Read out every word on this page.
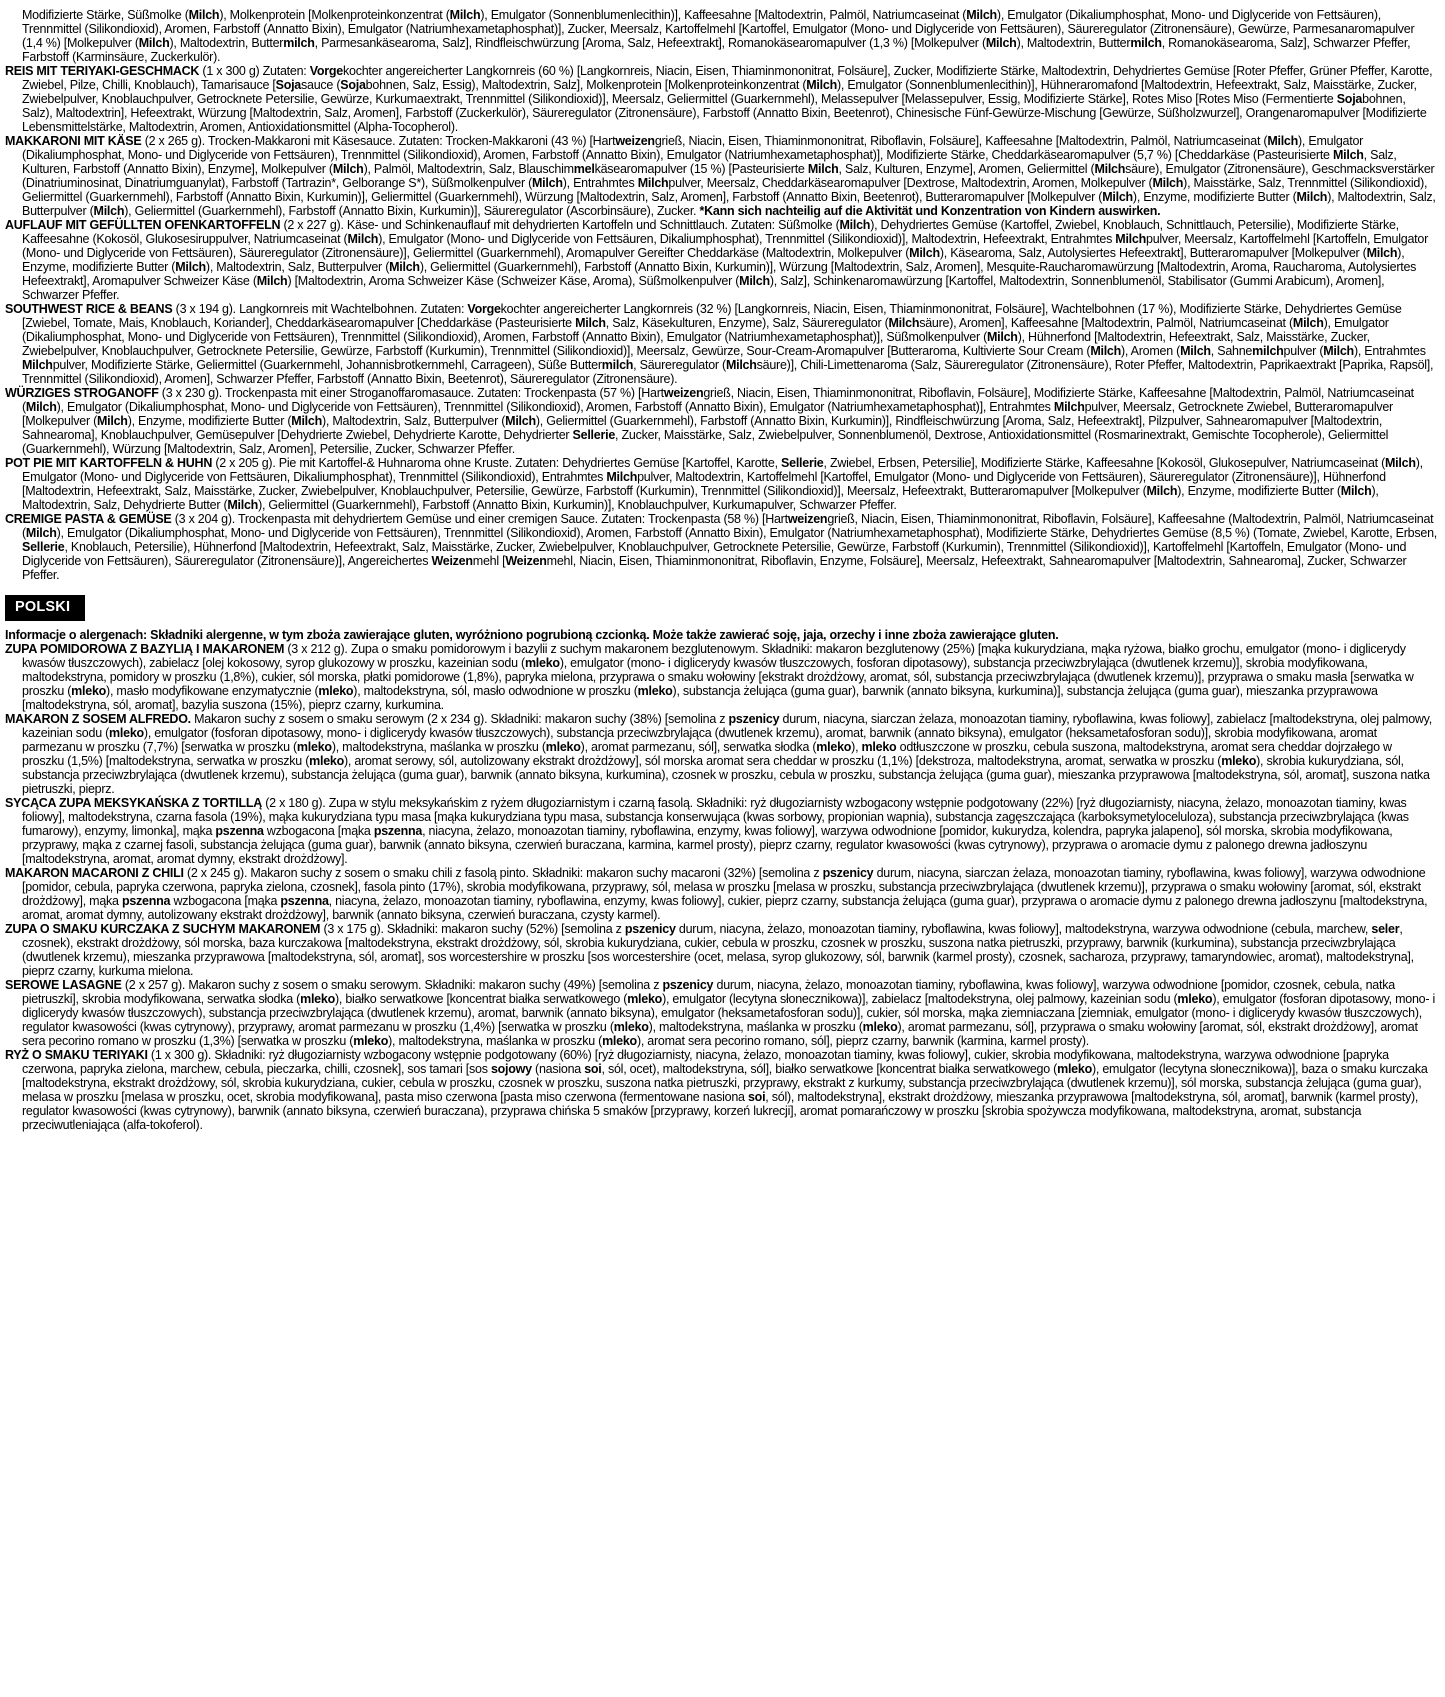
Modifizierte Stärke, Süßmolke (Milch), Molkenprotein [Molkenproteinkonzentrat (Milch), Emulgator (Sonnenblumenlecithin)], Kaffeesahne [Maltodextrin, Palmöl, Natriumcaseinat (Milch), Emulgator (Dikaliumphosphat, Mono- und Diglyceride von Fettsäuren), Trennmittel (Silikondioxid), Aromen, Farbstoff (Annatto Bixin), Emulgator (Natriumhexametaphosphat)], Zucker, Meersalz, Kartoffelmehl [Kartoffel, Emulgator (Mono- und Diglyceride von Fettsäuren), Säureregulator (Zitronensäure), Gewürze, Parmesanaromapulver (1,4 %) [Molkepulver (Milch), Maltodextrin, Buttermilch, Parmesankäsearoma, Salz], Rindfleischwürzung [Aroma, Salz, Hefeextrakt], Romanokäsearomapulver (1,3 %) [Molkepulver (Milch), Maltodextrin, Buttermilch, Romanokäsearoma, Salz], Schwarzer Pfeffer, Farbstoff (Karminsäure, Zuckerkulör).

REIS MIT TERIYAKI-GESCHMACK (1 x 300 g) Zutaten: Vorgekochter angereicherter Langkornreis (60 %) [Langkornreis, Niacin, Eisen, Thiaminmononitrat, Folsäure], Zucker, Modifizierte Stärke, Maltodextrin, Dehydriertes Gemüse [Roter Pfeffer, Grüner Pfeffer, Karotte, Zwiebel, Pilze, Chilli, Knoblauch), Tamarisauce [Sojasauce (Sojabohnen, Salz, Essig), Maltodextrin, Salz], Molkenprotein [Molkenproteinkonzentrat (Milch), Emulgator (Sonnenblumenlecithin)], Hühneraromafond [Maltodextrin, Hefeextrakt, Salz, Maisstärke, Zucker, Zwiebelpulver, Knoblauchpulver, Getrocknete Petersilie, Gewürze, Kurkumaextrakt, Trennmittel (Silikondioxid)], Meersalz, Geliermittel (Guarkernmehl), Melassepulver [Melassepulver, Essig, Modifizierte Stärke], Rotes Miso [Rotes Miso (Fermentierte Sojabohnen, Salz), Maltodextrin], Hefeextrakt, Würzung [Maltodextrin, Salz, Aromen], Farbstoff (Zuckerkulör), Säureregulator (Zitronensäure), Farbstoff (Annatto Bixin, Beetenrot), Chinesische Fünf-Gewürze-Mischung [Gewürze, Süßholzwurzel], Orangenaromapulver [Modifizierte Lebensmittelstärke, Maltodextrin, Aromen, Antioxidationsmittel (Alpha-Tocopherol).

MAKKARONI MIT KÄSE (2 x 265 g). Trocken-Makkaroni mit Käsesauce. Zutaten: Trocken-Makkaroni (43 %) [Hartweizengrieß, Niacin, Eisen, Thiaminmononitrat, Riboflavin, Folsäure], Kaffeesahne [Maltodextrin, Palmöl, Natriumcaseinat (Milch), Emulgator (Dikaliumphosphat, Mono- und Diglyceride von Fettsäuren), Trennmittel (Silikondioxid), Aromen, Farbstoff (Annatto Bixin), Emulgator (Natriumhexametaphosphat)], Modifizierte Stärke, Cheddarkäsearomapulver (5,7 %) [Cheddarkäse (Pasteurisierte Milch, Salz, Kulturen, Farbstoff (Annatto Bixin), Enzyme], Molkepulver (Milch), Palmöl, Maltodextrin, Salz, Blauschimmelkäsearomapulver (15 %) [Pasteurisierte Milch, Salz, Kulturen, Enzyme], Aromen, Geliermittel (Milchsäure), Emulgator (Zitronensäure), Geschmacksverstärker (Dinatriuminosinat, Dinatriumguanylat), Farbstoff (Tartrazin*, Gelborange S*), Süßmolkenpulver (Milch), Entrahmtes Milchpulver, Meersalz, Cheddarkäsearomapulver [Dextrose, Maltodextrin, Aromen, Molkepulver (Milch), Maisstärke, Salz, Trennmittel (Silikondioxid), Geliermittel (Guarkernmehl), Farbstoff (Annatto Bixin, Kurkumin)], Geliermittel (Guarkernmehl), Würzung [Maltodextrin, Salz, Aromen], Farbstoff (Annatto Bixin, Beetenrot), Butteraromapulver [Molkepulver (Milch), Enzyme, modifizierte Butter (Milch), Maltodextrin, Salz, Butterpulver (Milch), Geliermittel (Guarkernmehl), Farbstoff (Annatto Bixin, Kurkumin)], Säureregulator (Ascorbinsäure), Zucker. *Kann sich nachteilig auf die Aktivität und Konzentration von Kindern auswirken.

AUFLAUF MIT GEFÜLLTEN OFENKARTOFFELN (2 x 227 g). Käse- und Schinkenauflauf mit dehydrierten Kartoffeln und Schnittlauch. Zutaten: Süßmolke (Milch), Dehydriertes Gemüse (Kartoffel, Zwiebel, Knoblauch, Schnittlauch, Petersilie), Modifizierte Stärke, Kaffeesahne (Kokosöl, Glukosesiruppulver, Natriumcaseinat (Milch), Emulgator (Mono- und Diglyceride von Fettsäuren, Dikaliumphosphat), Trennmittel (Silikondioxid)], Maltodextrin, Hefeextrakt, Entrahmtes Milchpulver, Meersalz, Kartoffelmehl [Kartoffeln, Emulgator (Mono- und Diglyceride von Fettsäuren), Säureregulator (Zitronensäure)], Geliermittel (Guarkernmehl), Aromapulver Gereifter Cheddarkäse (Maltodextrin, Molkepulver (Milch), Käsearoma, Salz, Autolysiertes Hefeextrakt], Butteraromapulver [Molkepulver (Milch), Enzyme, modifizierte Butter (Milch), Maltodextrin, Salz, Butterpulver (Milch), Geliermittel (Guarkernmehl), Farbstoff (Annatto Bixin, Kurkumin)], Würzung [Maltodextrin, Salz, Aromen], Mesquite-Raucharomawürzung [Maltodextrin, Aroma, Raucharoma, Autolysiertes Hefeextrakt], Aromapulver Schweizer Käse (Milch) [Maltodextrin, Aroma Schweizer Käse (Schweizer Käse, Aroma), Süßmolkenpulver (Milch), Salz], Schinkenaromawürzung [Kartoffel, Maltodextrin, Sonnenblumenöl, Stabilisator (Gummi Arabicum), Aromen], Schwarzer Pfeffer.

SOUTHWEST RICE & BEANS (3 x 194 g). Langkornreis mit Wachtelbohnen. Zutaten: Vorgekochter angereicherter Langkornreis (32 %) [Langkornreis, Niacin, Eisen, Thiaminmononitrat, Folsäure], Wachtelbohnen (17 %), Modifizierte Stärke, Dehydriertes Gemüse [Zwiebel, Tomate, Mais, Knoblauch, Koriander], Cheddarkäsearomapulver [Cheddarkäse (Pasteurisierte Milch, Salz, Käsekulturen, Enzyme), Salz, Säureregulator (Milchsäure), Aromen], Kaffeesahne [Maltodextrin, Palmöl, Natriumcaseinat (Milch), Emulgator (Dikaliumphosphat, Mono- und Diglyceride von Fettsäuren), Trennmittel (Silikondioxid), Aromen, Farbstoff (Annatto Bixin), Emulgator (Natriumhexametaphosphat)], Süßmolkenpulver (Milch), Hühnerfond [Maltodextrin, Hefeextrakt, Salz, Maisstärke, Zucker, Zwiebelpulver, Knoblauchpulver, Getrocknete Petersilie, Gewürze, Farbstoff (Kurkumin), Trennmittel (Silikondioxid)], Meersalz, Gewürze, Sour-Cream-Aromapulver [Butteraroma, Kultivierte Sour Cream (Milch), Aromen (Milch, Sahnemilchpulver (Milch), Entrahmtes Milchpulver, Modifizierte Stärke, Geliermittel (Guarkernmehl, Johannisbrotkernmehl, Carrageen), Süße Buttermilch, Säureregulator (Milchsäure)], Chili-Limettenaroma (Salz, Säureregulator (Zitronensäure), Roter Pfeffer, Maltodextrin, Paprikaextrakt [Paprika, Rapsöl], Trennmittel (Silikondioxid), Aromen], Schwarzer Pfeffer, Farbstoff (Annatto Bixin, Beetenrot), Säureregulator (Zitronensäure).

WÜRZIGES STROGANOFF (3 x 230 g). Trockenpasta mit einer Stroganoffaromasauce. Zutaten: Trockenpasta (57 %) [Hartweizengrieß, Niacin, Eisen, Thiaminmononitrat, Riboflavin, Folsäure], Modifizierte Stärke, Kaffeesahne [Maltodextrin, Palmöl, Natriumcaseinat (Milch), Emulgator (Dikaliumphosphat, Mono- und Diglyceride von Fettsäuren), Trennmittel (Silikondioxid), Aromen, Farbstoff (Annatto Bixin), Emulgator (Natriumhexametaphosphat)], Entrahmtes Milchpulver, Meersalz, Getrocknete Zwiebel, Butteraromapulver [Molkepulver (Milch), Enzyme, modifizierte Butter (Milch), Maltodextrin, Salz, Butterpulver (Milch), Geliermittel (Guarkernmehl), Farbstoff (Annatto Bixin, Kurkumin)], Rindfleischwürzung [Aroma, Salz, Hefeextrakt], Pilzpulver, Sahnearomapulver [Maltodextrin, Sahnearoma], Knoblauchpulver, Gemüsepulver [Dehydrierte Zwiebel, Dehydrierte Karotte, Dehydrierter Sellerie, Zucker, Maisstärke, Salz, Zwiebelpulver, Sonnenblumenöl, Dextrose, Antioxidationsmittel (Rosmarinextrakt, Gemischte Tocopherole), Geliermittel (Guarkernmehl), Würzung [Maltodextrin, Salz, Aromen], Petersilie, Zucker, Schwarzer Pfeffer.

POT PIE MIT KARTOFFELN & HUHN (2 x 205 g). Pie mit Kartoffel-& Huhnaroma ohne Kruste. Zutaten: Dehydriertes Gemüse [Kartoffel, Karotte, Sellerie, Zwiebel, Erbsen, Petersilie], Modifizierte Stärke, Kaffeesahne [Kokosöl, Glukosepulver, Natriumcaseinat (Milch), Emulgator (Mono- und Diglyceride von Fettsäuren, Dikaliumphosphat), Trennmittel (Silikondioxid), Entrahmtes Milchpulver, Maltodextrin, Kartoffelmehl [Kartoffel, Emulgator (Mono- und Diglyceride von Fettsäuren), Säureregulator (Zitronensäure)], Hühnerfond [Maltodextrin, Hefeextrakt, Salz, Maisstärke, Zucker, Zwiebelpulver, Knoblauchpulver, Petersilie, Gewürze, Farbstoff (Kurkumin), Trennmittel (Silikondioxid)], Meersalz, Hefeextrakt, Butteraromapulver [Molkepulver (Milch), Enzyme, modifizierte Butter (Milch), Maltodextrin, Salz, Dehydrierte Butter (Milch), Geliermittel (Guarkernmehl), Farbstoff (Annatto Bixin, Kurkumin)], Knoblauchpulver, Kurkumapulver, Schwarzer Pfeffer.

CREMIGE PASTA & GEMÜSE (3 x 204 g). Trockenpasta mit dehydriertem Gemüse und einer cremigen Sauce. Zutaten: Trockenpasta (58 %) [Hartweizengrieß, Niacin, Eisen, Thiaminmononitrat, Riboflavin, Folsäure], Kaffeesahne (Maltodextrin, Palmöl, Natriumcaseinat (Milch), Emulgator (Dikaliumphosphat, Mono- und Diglyceride von Fettsäuren), Trennmittel (Silikondioxid), Aromen, Farbstoff (Annatto Bixin), Emulgator (Natriumhexametaphosphat), Modifizierte Stärke, Dehydriertes Gemüse (8,5 %) (Tomate, Zwiebel, Karotte, Erbsen, Sellerie, Knoblauch, Petersilie), Hühnerfond [Maltodextrin, Hefeextrakt, Salz, Maisstärke, Zucker, Zwiebelpulver, Knoblauchpulver, Getrocknete Petersilie, Gewürze, Farbstoff (Kurkumin), Trennmittel (Silikondioxid)], Kartoffelmehl [Kartoffeln, Emulgator (Mono- und Diglyceride von Fettsäuren), Säureregulator (Zitronensäure)], Angereichertes Weizenmehl [Weizenmehl, Niacin, Eisen, Thiaminmononitrat, Riboflavin, Enzyme, Folsäure], Meersalz, Hefeextrakt, Sahnearomapulver [Maltodextrin, Sahnearoma], Zucker, Schwarzer Pfeffer.

POLSKI

Informacje o alergenach: Składniki alergenne, w tym zboża zawierające gluten, wyróżniono pogrubioną czcionką. Może także zawierać soję, jaja, orzechy i inne zboża zawierające gluten.

ZUPA POMIDOROWA Z BAZYLIĄ I MAKARONEM (3 x 212 g). Zupa o smaku pomidorowym i bazylii z suchym makaronem bezglutenowym. Składniki: makaron bezglutenowy (25%) [mąka kukurydziana, mąka ryżowa, białko grochu, emulgator (mono- i diglicerydy kwasów tłuszczowych), zabielacz [olej kokosowy, syrop glukozowy w proszku, kazeinian sodu (mleko), emulgator (mono- i diglicerydy kwasów tłuszczowych, fosforan dipotasowy), substancja przeciwzbrylająca (dwutlenek krzemu)], skrobia modyfikowana, maltodekstryna, pomidory w proszku (1,8%), cukier, sól morska, płatki pomidorowe (1,8%), papryka mielona, przyprawa o smaku wołowiny [ekstrakt drożdżowy, aromat, sól, substancja przeciwzbrylająca (dwutlenek krzemu)], przyprawa o smaku masła [serwatka w proszku (mleko), masło modyfikowane enzymatycznie (mleko), maltodekstryna, sól, masło odwodnione w proszku (mleko), substancja żelująca (guma guar), barwnik (annato biksyna, kurkumina)], substancja żelująca (guma guar), mieszanka przyprawowa [maltodekstryna, sól, aromat], bazylia suszona (15%), pieprz czarny, kurkumina.

MAKARON Z SOSEM ALFREDO. Makaron suchy z sosem o smaku serowym (2 x 234 g). Składniki: makaron suchy (38%) [semolina z pszenicy durum, niacyna, siarczan żelaza, monoazotan tiaminy, ryboflawina, kwas foliowy], zabielacz [maltodekstryna, olej palmowy, kazeinian sodu (mleko), emulgator (fosforan dipotasowy, mono- i diglicerydy kwasów tłuszczowych), substancja przeciwzbrylająca (dwutlenek krzemu), aromat, barwnik (annato biksyna), emulgator (heksametafosforan sodu)], skrobia modyfikowana, aromat parmezanu w proszku (7,7%) [serwatka w proszku (mleko), maltodekstryna, maślanka w proszku (mleko), aromat parmezanu, sól], serwatka słodka (mleko), mleko odtłuszczone w proszku, cebula suszona, maltodekstryna, aromat sera cheddar dojrzałego w proszku (1,5%) [maltodekstryna, serwatka w proszku (mleko), aromat serowy, sól, autolizowany ekstrakt drożdżowy], sól morska aromat sera cheddar w proszku (1,1%) [dekstroza, maltodekstryna, aromat, serwatka w proszku (mleko), skrobia kukurydziana, sól, substancja przeciwzbrylająca (dwutlenek krzemu), substancja żelująca (guma guar), barwnik (annato biksyna, kurkumina), czosnek w proszku, cebula w proszku, substancja żelująca (guma guar), mieszanka przyprawowa [maltodekstryna, sól, aromat], suszona natka pietruszki, pieprz.

SYCĄCA ZUPA MEKSYKAŃSKA Z TORTILLĄ (2 x 180 g). Zupa w stylu meksykańskim z ryżem długoziarnistym i czarną fasolą. Składniki: ryż długoziarnisty wzbogacony wstępnie podgotowany (22%) [ryż długoziarnisty, niacyna, żelazo, monoazotan tiaminy, kwas foliowy], maltodekstryna, czarna fasola (19%), mąka kukurydziana typu masa [mąka kukurydziana typu masa, substancja konserwująca (kwas sorbowy, propionian wapnia), substancja zagęszczająca (karboksymetyloceluloza), substancja przeciwzbrylająca (kwas fumarowy), enzymy, limonka], mąka pszenna wzbogacona [mąka pszenna, niacyna, żelazo, monoazotan tiaminy, ryboflawina, enzymy, kwas foliowy], warzywa odwodnione [pomidor, kukurydza, kolendra, papryka jalapeno], sól morska, skrobia modyfikowana, przyprawy, mąka z czarnej fasoli, substancja żelująca (guma guar), barwnik (annato biksyna, czerwień buraczana, karmina, karmel prosty), pieprz czarny, regulator kwasowości (kwas cytrynowy), przyprawa o aromacie dymu z palonego drewna jadłoszynu [maltodekstryna, aromat, aromat dymny, ekstrakt drożdżowy].

MAKARON MACARONI Z CHILI (2 x 245 g). Makaron suchy z sosem o smaku chili z fasolą pinto. Składniki: makaron suchy macaroni (32%) [semolina z pszenicy durum, niacyna, siarczan żelaza, monoazotan tiaminy, ryboflawina, kwas foliowy], warzywa odwodnione [pomidor, cebula, papryka czerwona, papryka zielona, czosnek], fasola pinto (17%), skrobia modyfikowana, przyprawy, sól, melasa w proszku [melasa w proszku, substancja przeciwzbrylająca (dwutlenek krzemu)], przyprawa o smaku wołowiny [aromat, sól, ekstrakt drożdżowy], mąka pszenna wzbogacona [mąka pszenna, niacyna, żelazo, monoazotan tiaminy, ryboflawina, enzymy, kwas foliowy], cukier, pieprz czarny, substancja żelująca (guma guar), przyprawa o aromacie dymu z palonego drewna jadłoszynu [maltodekstryna, aromat, aromat dymny, autolizowany ekstrakt drożdżowy], barwnik (annato biksyna, czerwień buraczana, czysty karmel).

ZUPA O SMAKU KURCZAKA Z SUCHYM MAKARONEM (3 x 175 g). Składniki: makaron suchy (52%) [semolina z pszenicy durum, niacyna, żelazo, monoazotan tiaminy, ryboflawina, kwas foliowy], maltodekstryna, warzywa odwodnione (cebula, marchew, seler, czosnek), ekstrakt drożdżowy, sól morska, baza kurczakowa [maltodekstryna, ekstrakt drożdżowy, sól, skrobia kukurydziana, cukier, cebula w proszku, czosnek w proszku, suszona natka pietruszki, przyprawy, barwnik (kurkumina), substancja przeciwzbrylająca (dwutlenek krzemu), mieszanka przyprawowa [maltodekstryna, sól, aromat], sos worcestershire w proszku [sos worcestershire (ocet, melasa, syrop glukozowy, sól, barwnik (karmel prosty), czosnek, sacharoza, przyprawy, tamaryndowiec, aromat), maltodekstryna], pieprz czarny, kurkuma mielona.

SEROWE LASAGNE (2 x 257 g). Makaron suchy z sosem o smaku serowym. Składniki: makaron suchy (49%) [semolina z pszenicy durum, niacyna, żelazo, monoazotan tiaminy, ryboflawina, kwas foliowy], warzywa odwodnione [pomidor, czosnek, cebula, natka pietruszki], skrobia modyfikowana, serwatka słodka (mleko), białko serwatkowe [koncentrat białka serwatkowego (mleko), emulgator (lecytyna słonecznikowa)], zabielacz [maltodekstryna, olej palmowy, kazeinian sodu (mleko), emulgator (fosforan dipotasowy, mono- i diglicerydy kwasów tłuszczowych), substancja przeciwzbrylająca (dwutlenek krzemu), aromat, barwnik (annato biksyna), emulgator (heksametafosforan sodu)], cukier, sól morska, mąka ziemniaczana [ziemniak, emulgator (mono- i diglicerydy kwasów tłuszczowych), regulator kwasowości (kwas cytrynowy), przyprawy, aromat parmezanu w proszku (1,4%) [serwatka w proszku (mleko), maltodekstryna, maślanka w proszku (mleko), aromat parmezanu, sól], przyprawa o smaku wołowiny [aromat, sól, ekstrakt drożdżowy], aromat sera pecorino romano w proszku (1,3%) [serwatka w proszku (mleko), maltodekstryna, maślanka w proszku (mleko), aromat sera pecorino romano, sól], pieprz czarny, barwnik (karmina, karmel prosty).

RYŻ O SMAKU TERIYAKI (1 x 300 g). Składniki: ryż długoziarnisty wzbogacony wstępnie podgotowany (60%) [ryż długoziarnisty, niacyna, żelazo, monoazotan tiaminy, kwas foliowy], cukier, skrobia modyfikowana, maltodekstryna, warzywa odwodnione [papryka czerwona, papryka zielona, marchew, cebula, pieczarka, chilli, czosnek], sos tamari [sos sojowy (nasiona soi, sól, ocet), maltodekstryna, sól], białko serwatkowe [koncentrat białka serwatkowego (mleko), emulgator (lecytyna słonecznikowa)], baza o smaku kurczaka [maltodekstryna, ekstrakt drożdżowy, sól, skrobia kukurydziana, cukier, cebula w proszku, czosnek w proszku, suszona natka pietruszki, przyprawy, ekstrakt z kurkumy, substancja przeciwzbrylająca (dwutlenek krzemu)], sól morska, substancja żelująca (guma guar), melasa w proszku [melasa w proszku, ocet, skrobia modyfikowana], pasta miso czerwona [pasta miso czerwona (fermentowane nasiona soi, sól), maltodekstryna], ekstrakt drożdżowy, mieszanka przyprawowa [maltodekstryna, sól, aromat], barwnik (karmel prosty), regulator kwasowości (kwas cytrynowy), barwnik (annato biksyna, czerwień buraczana), przyprawa chińska 5 smaków [przyprawy, korzeń lukrecji], aromat pomarańczowy w proszku [skrobia spożywcza modyfikowana, maltodekstryna, aromat, substancja przeciwutleniająca (alfa-tokoferol).
